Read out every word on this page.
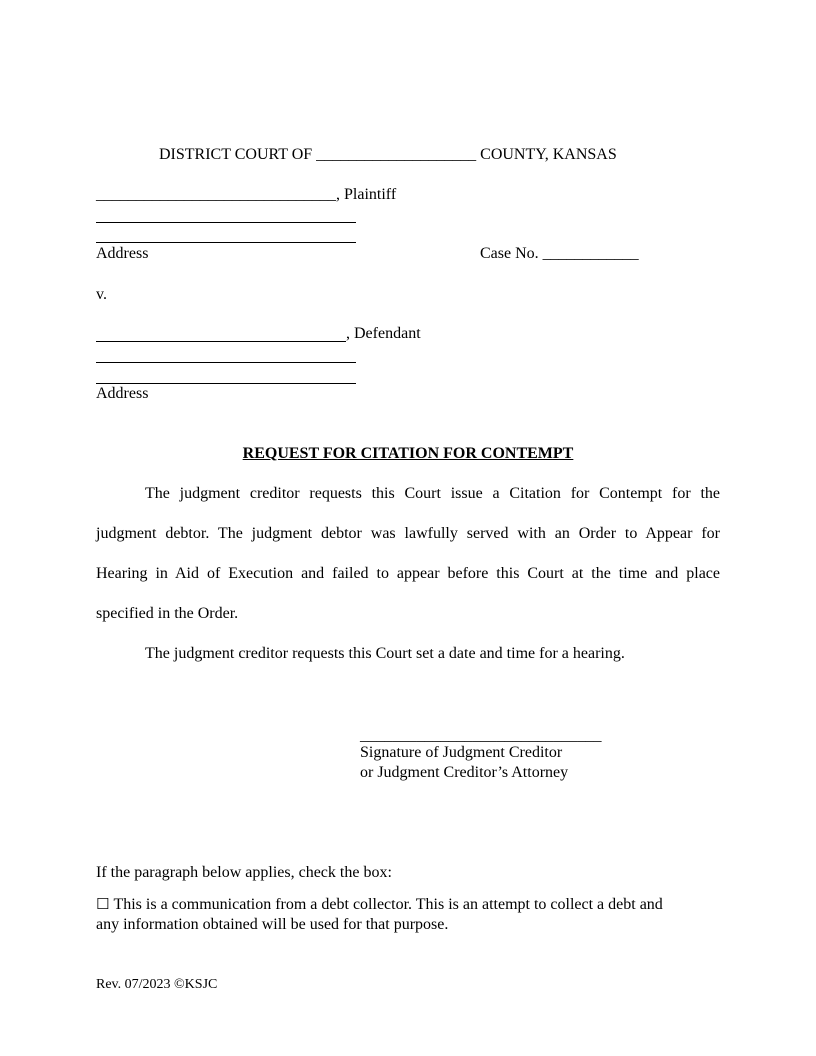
DISTRICT COURT OF ____________________ COUNTY, KANSAS
______________________________, Plaintiff
Address	Case No. ____________
v.
, Defendant
Address
REQUEST FOR CITATION FOR CONTEMPT
The judgment creditor requests this Court issue a Citation for Contempt for the
judgment debtor. The judgment debtor was lawfully served with an Order to Appear for
Hearing in Aid of Execution and failed to appear before this Court at the time and place
specified in the Order.
The judgment creditor requests this Court set a date and time for a hearing.
______________________________
Signature of Judgment Creditor
or Judgment Creditor’s Attorney
If the paragraph below applies, check the box:
☐ This is a communication from a debt collector. This is an attempt to collect a debt and
any information obtained will be used for that purpose.
Rev. 07/2023 ©KSJC
